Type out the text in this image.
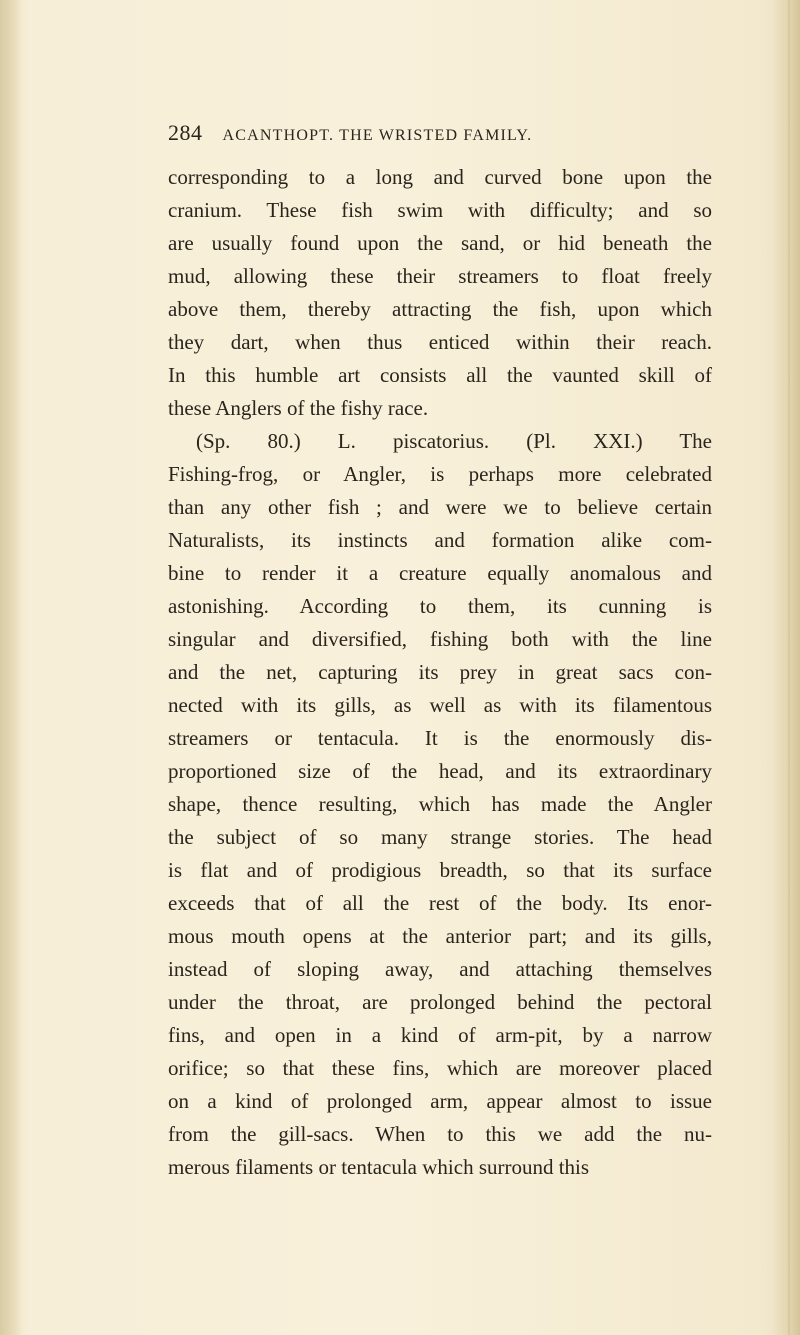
284 ACANTHOPT. THE WRISTED FAMILY.
corresponding to a long and curved bone upon the
cranium. These fish swim with difficulty; and so
are usually found upon the sand, or hid beneath the
mud, allowing these their streamers to float freely
above them, thereby attracting the fish, upon which
they dart, when thus enticed within their reach.
In this humble art consists all the vaunted skill of
these Anglers of the fishy race.
(Sp. 80.) L. piscatorius. (Pl. XXI.) The
Fishing-frog, or Angler, is perhaps more celebrated
than any other fish ; and were we to believe certain
Naturalists, its instincts and formation alike com-
bine to render it a creature equally anomalous and
astonishing. According to them, its cunning is
singular and diversified, fishing both with the line
and the net, capturing its prey in great sacs con-
nected with its gills, as well as with its filamentous
streamers or tentacula. It is the enormously dis-
proportioned size of the head, and its extraordinary
shape, thence resulting, which has made the Angler
the subject of so many strange stories. The head
is flat and of prodigious breadth, so that its surface
exceeds that of all the rest of the body. Its enor-
mous mouth opens at the anterior part; and its gills,
instead of sloping away, and attaching themselves
under the throat, are prolonged behind the pectoral
fins, and open in a kind of arm-pit, by a narrow
orifice; so that these fins, which are moreover placed
on a kind of prolonged arm, appear almost to issue
from the gill-sacs. When to this we add the nu-
merous filaments or tentacula which surround this
